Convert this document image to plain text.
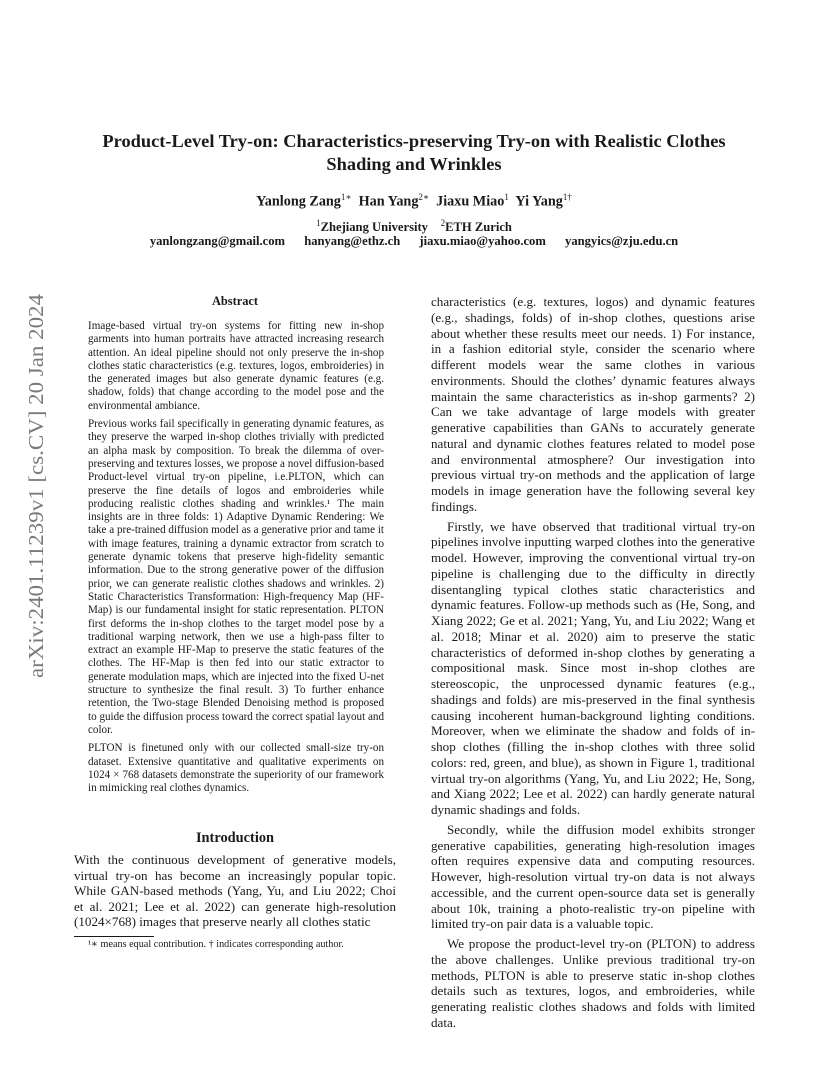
arXiv:2401.11239v1 [cs.CV] 20 Jan 2024
Product-Level Try-on: Characteristics-preserving Try-on with Realistic Clothes
Shading and Wrinkles
Yanlong Zang$^{1∗}$ Han Yang$^{2∗}$ Jiaxu Miao$^1$ Yi Yang$^{1\dagger}$
$^1$Zhejiang University $^2$ETH Zurich
yanlongzang@gmail.com hanyang@ethz.ch jiaxu.miao@yahoo.com yangyics@zju.edu.cn
Abstract

Image-based virtual try-on systems for fitting new in-shop garments into human portraits have attracted increasing research attention. An ideal pipeline should not only preserve the in-shop clothes static characteristics (e.g. textures, logos, embroideries) in the generated images but also generate dynamic features (e.g. shadow, folds) that change according to the model pose and the environmental ambiance.

Previous works fail specifically in generating dynamic features, as they preserve the warped in-shop clothes trivially with predicted an alpha mask by composition. To break the dilemma of over-preserving and textures losses, we propose a novel diffusion-based Product-level virtual try-on pipeline, i.e.PLTON, which can preserve the fine details of logos and embroideries while producing realistic clothes shading and wrinkles.¹ The main insights are in three folds: 1) Adaptive Dynamic Rendering: We take a pre-trained diffusion model as a generative prior and tame it with image features, training a dynamic extractor from scratch to generate dynamic tokens that preserve high-fidelity semantic information. Due to the strong generative power of the diffusion prior, we can generate realistic clothes shadows and wrinkles. 2) Static Characteristics Transformation: High-frequency Map (HF-Map) is our fundamental insight for static representation. PLTON first deforms the in-shop clothes to the target model pose by a traditional warping network, then we use a high-pass filter to extract an example HF-Map to preserve the static features of the clothes. The HF-Map is then fed into our static extractor to generate modulation maps, which are injected into the fixed U-net structure to synthesize the final result. 3) To further enhance retention, the Two-stage Blended Denoising method is proposed to guide the diffusion process toward the correct spatial layout and color.

PLTON is finetuned only with our collected small-size try-on dataset. Extensive quantitative and qualitative experiments on 1024 × 768 datasets demonstrate the superiority of our framework in mimicking real clothes dynamics.

Introduction

With the continuous development of generative models, virtual try-on has become an increasingly popular topic. While GAN-based methods (Yang, Yu, and Liu 2022; Choi et al. 2021; Lee et al. 2022) can generate high-resolution (1024×768) images that preserve nearly all clothes static

¹∗ means equal contribution. † indicates corresponding author.

characteristics (e.g. textures, logos) and dynamic features (e.g., shadings, folds) of in-shop clothes, questions arise about whether these results meet our needs. 1) For instance, in a fashion editorial style, consider the scenario where different models wear the same clothes in various environments. Should the clothes’ dynamic features always maintain the same characteristics as in-shop garments? 2) Can we take advantage of large models with greater generative capabilities than GANs to accurately generate natural and dynamic clothes features related to model pose and environmental atmosphere? Our investigation into previous virtual try-on methods and the application of large models in image generation have the following several key findings.

Firstly, we have observed that traditional virtual try-on pipelines involve inputting warped clothes into the generative model. However, improving the conventional virtual try-on pipeline is challenging due to the difficulty in directly disentangling typical clothes static characteristics and dynamic features. Follow-up methods such as (He, Song, and Xiang 2022; Ge et al. 2021; Yang, Yu, and Liu 2022; Wang et al. 2018; Minar et al. 2020) aim to preserve the static characteristics of deformed in-shop clothes by generating a compositional mask. Since most in-shop clothes are stereoscopic, the unprocessed dynamic features (e.g., shadings and folds) are mis-preserved in the final synthesis causing incoherent human-background lighting conditions. Moreover, when we eliminate the shadow and folds of in-shop clothes (filling the in-shop clothes with three solid colors: red, green, and blue), as shown in Figure 1, traditional virtual try-on algorithms (Yang, Yu, and Liu 2022; He, Song, and Xiang 2022; Lee et al. 2022) can hardly generate natural dynamic shadings and folds.

Secondly, while the diffusion model exhibits stronger generative capabilities, generating high-resolution images often requires expensive data and computing resources. However, high-resolution virtual try-on data is not always accessible, and the current open-source data set is generally about 10k, training a photo-realistic try-on pipeline with limited try-on pair data is a valuable topic.

We propose the product-level try-on (PLTON) to address the above challenges. Unlike previous traditional try-on methods, PLTON is able to preserve static in-shop clothes details such as textures, logos, and embroideries, while generating realistic clothes shadows and folds with limited data.
